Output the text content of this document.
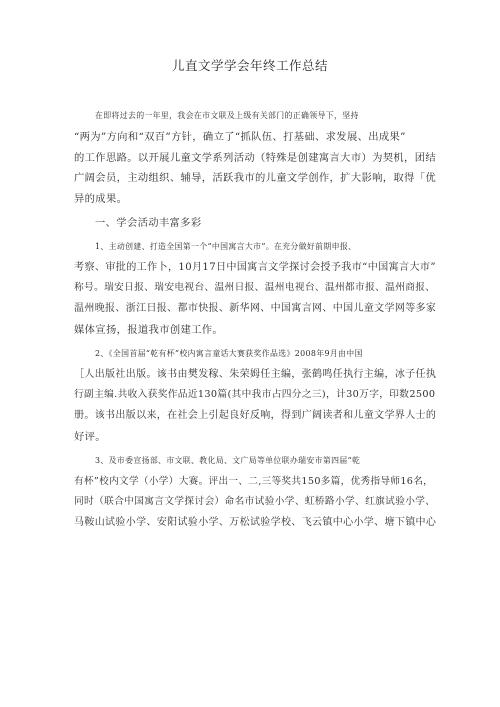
儿直文学学会年终工作总结

在即将过去的一年里，我会在市文联及上级有关部门的正确领导下，坚持
“两为”方向和“双百”方针，确立了“抓队伍、打基础、求发展、出成果”
的工作思路。以开展儿童文学系列活动（特殊是创建寓言大市）为契机，团结
广阔会员，主动组织、辅导，活跃我市的儿童文学创作，扩大影响，取得「优
异的成果。

一、学会活动丰富多彩

1、主动创建、打造全国第一个“中国寓言大市”。在充分做好前期申报、
考察、审批的工作卜，10月17日中国寓言文学探讨会授予我市“中国寓言大市”
称号。瑞安日报、瑞安电视台、温州日报、温州电视台、温州都市报、温州商报、
温州晚报、浙江日报、都市快报、新华网、中国寓言网、中国儿童文学网等多家
媒体宣扬，报道我市创建工作。

2、《全国首届“乾有杯”校内寓言童话大赛获奖作品选》2008年9月由中国
［人出版社出版。该书由樊发稼、朱荣姆任主编，张鹤鸣任执行主编，冰子任执
行副主编.共收入获奖作品近130篇(其中我市占四分之三)，计30万字，印数2500
册。该书出版以来，在社会上引起良好反响，得到广阔读者和儿童文学界人士的
好评。

3、及市委宣扬部、市文联、教化局、文广局等单位联办瑞安市第四届“乾
有杯”校内文学（小学）大赛。评出一、二,三等奖共150多篇，优秀指导师16名，
同时（联合中国寓言文学探讨会）命名市试验小学、虹桥路小学、红旗试验小学、
马鞍山试验小学、安阳试验小学、万松试验学校、飞云镇中心小学、塘下镇中心
